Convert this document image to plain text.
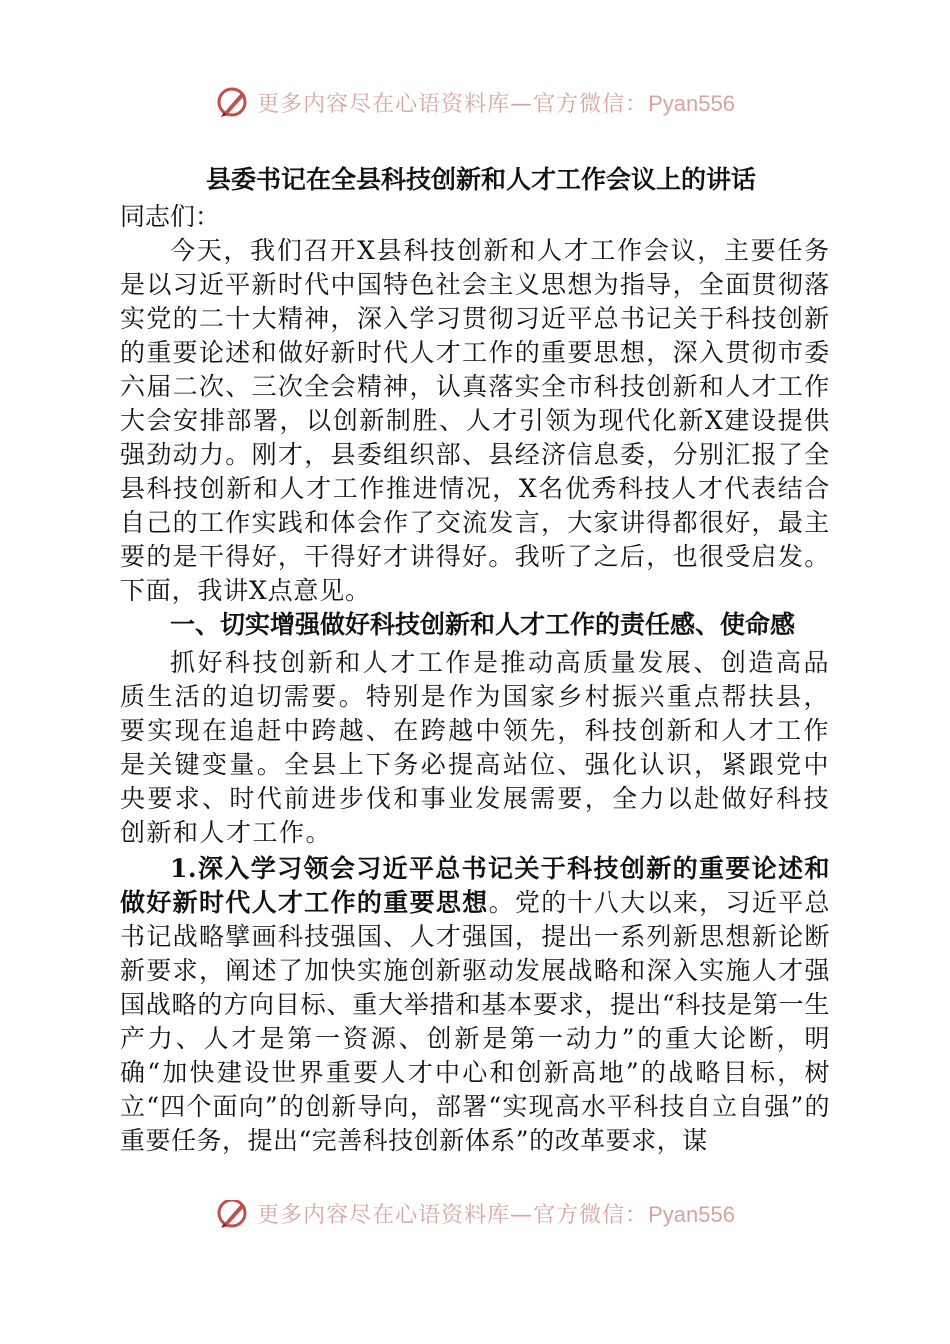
更多内容尽在心语资料库—官方微信：Pyan556
县委书记在全县科技创新和人才工作会议上的讲话

同志们：

今天，我们召开X县科技创新和人才工作会议，主要任务是以习近平新时代中国特色社会主义思想为指导，全面贯彻落实党的二十大精神，深入学习贯彻习近平总书记关于科技创新的重要论述和做好新时代人才工作的重要思想，深入贯彻市委六届二次、三次全会精神，认真落实全市科技创新和人才工作大会安排部署，以创新制胜、人才引领为现代化新X建设提供强劲动力。刚才，县委组织部、县经济信息委，分别汇报了全县科技创新和人才工作推进情况，X名优秀科技人才代表结合自己的工作实践和体会作了交流发言，大家讲得都很好，最主要的是干得好，干得好才讲得好。我听了之后，也很受启发。下面，我讲X点意见。

一、切实增强做好科技创新和人才工作的责任感、使命感

抓好科技创新和人才工作是推动高质量发展、创造高品质生活的迫切需要。特别是作为国家乡村振兴重点帮扶县，要实现在追赶中跨越、在跨越中领先，科技创新和人才工作是关键变量。全县上下务必提高站位、强化认识，紧跟党中央要求、时代前进步伐和事业发展需要，全力以赴做好科技创新和人才工作。

1.深入学习领会习近平总书记关于科技创新的重要论述和做好新时代人才工作的重要思想。党的十八大以来，习近平总书记战略擘画科技强国、人才强国，提出一系列新思想新论断新要求，阐述了加快实施创新驱动发展战略和深入实施人才强国战略的方向目标、重大举措和基本要求，提出“科技是第一生产力、人才是第一资源、创新是第一动力”的重大论断，明确“加快建设世界重要人才中心和创新高地”的战略目标，树立“四个面向”的创新导向，部署“实现高水平科技自立自强”的重要任务，提出“完善科技创新体系”的改革要求，谋

更多内容尽在心语资料库—官方微信：Pyan556
